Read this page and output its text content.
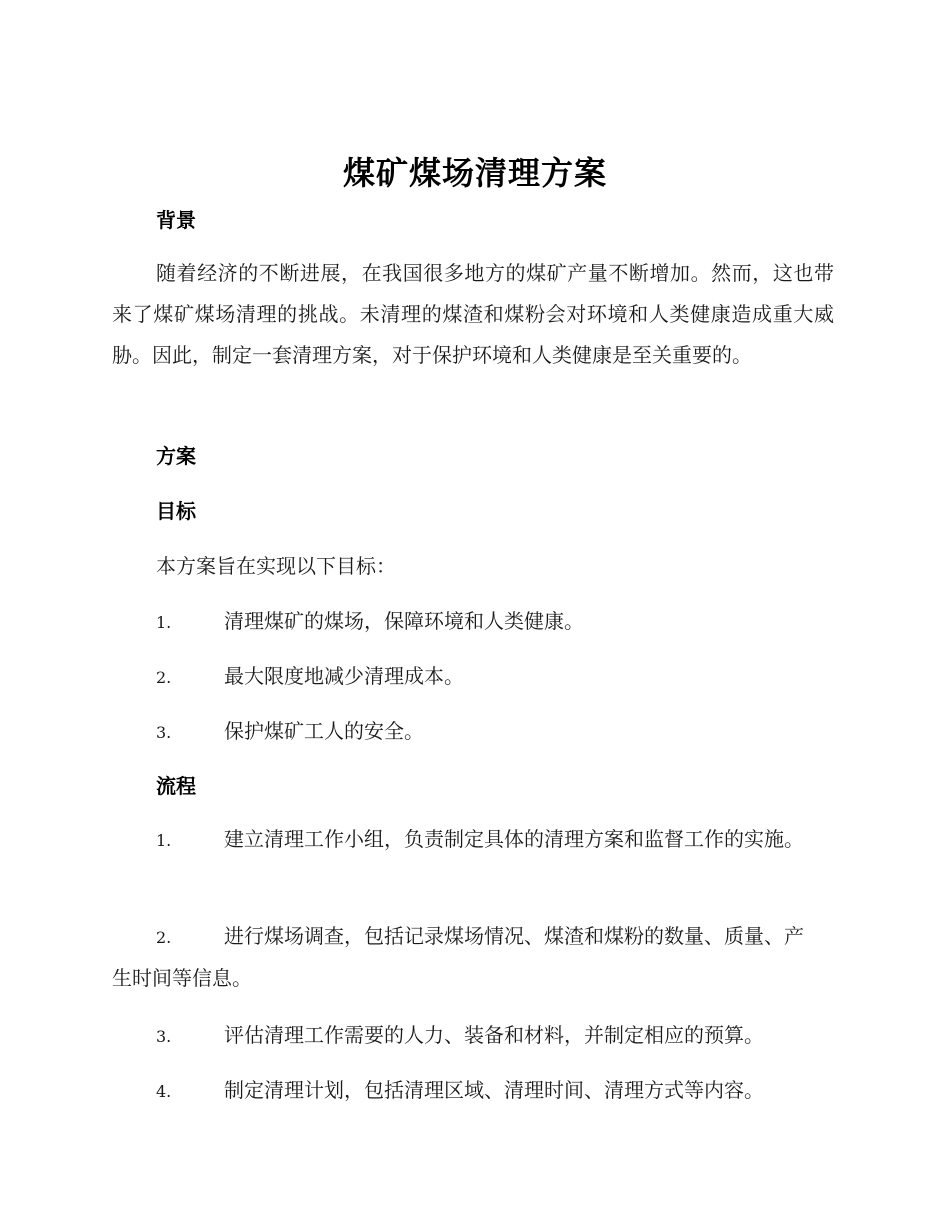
煤矿煤场清理方案
背景
随着经济的不断进展，在我国很多地方的煤矿产量不断增加。然而，这也带来了煤矿煤场清理的挑战。未清理的煤渣和煤粉会对环境和人类健康造成重大威胁。因此，制定一套清理方案，对于保护环境和人类健康是至关重要的。
方案
目标
本方案旨在实现以下目标：
1.	清理煤矿的煤场，保障环境和人类健康。
2.	最大限度地减少清理成本。
3.	保护煤矿工人的安全。
流程
1.	建立清理工作小组，负责制定具体的清理方案和监督工作的实施。
2.	进行煤场调查，包括记录煤场情况、煤渣和煤粉的数量、质量、产生时间等信息。
3.	评估清理工作需要的人力、装备和材料，并制定相应的预算。
4.	制定清理计划，包括清理区域、清理时间、清理方式等内容。
